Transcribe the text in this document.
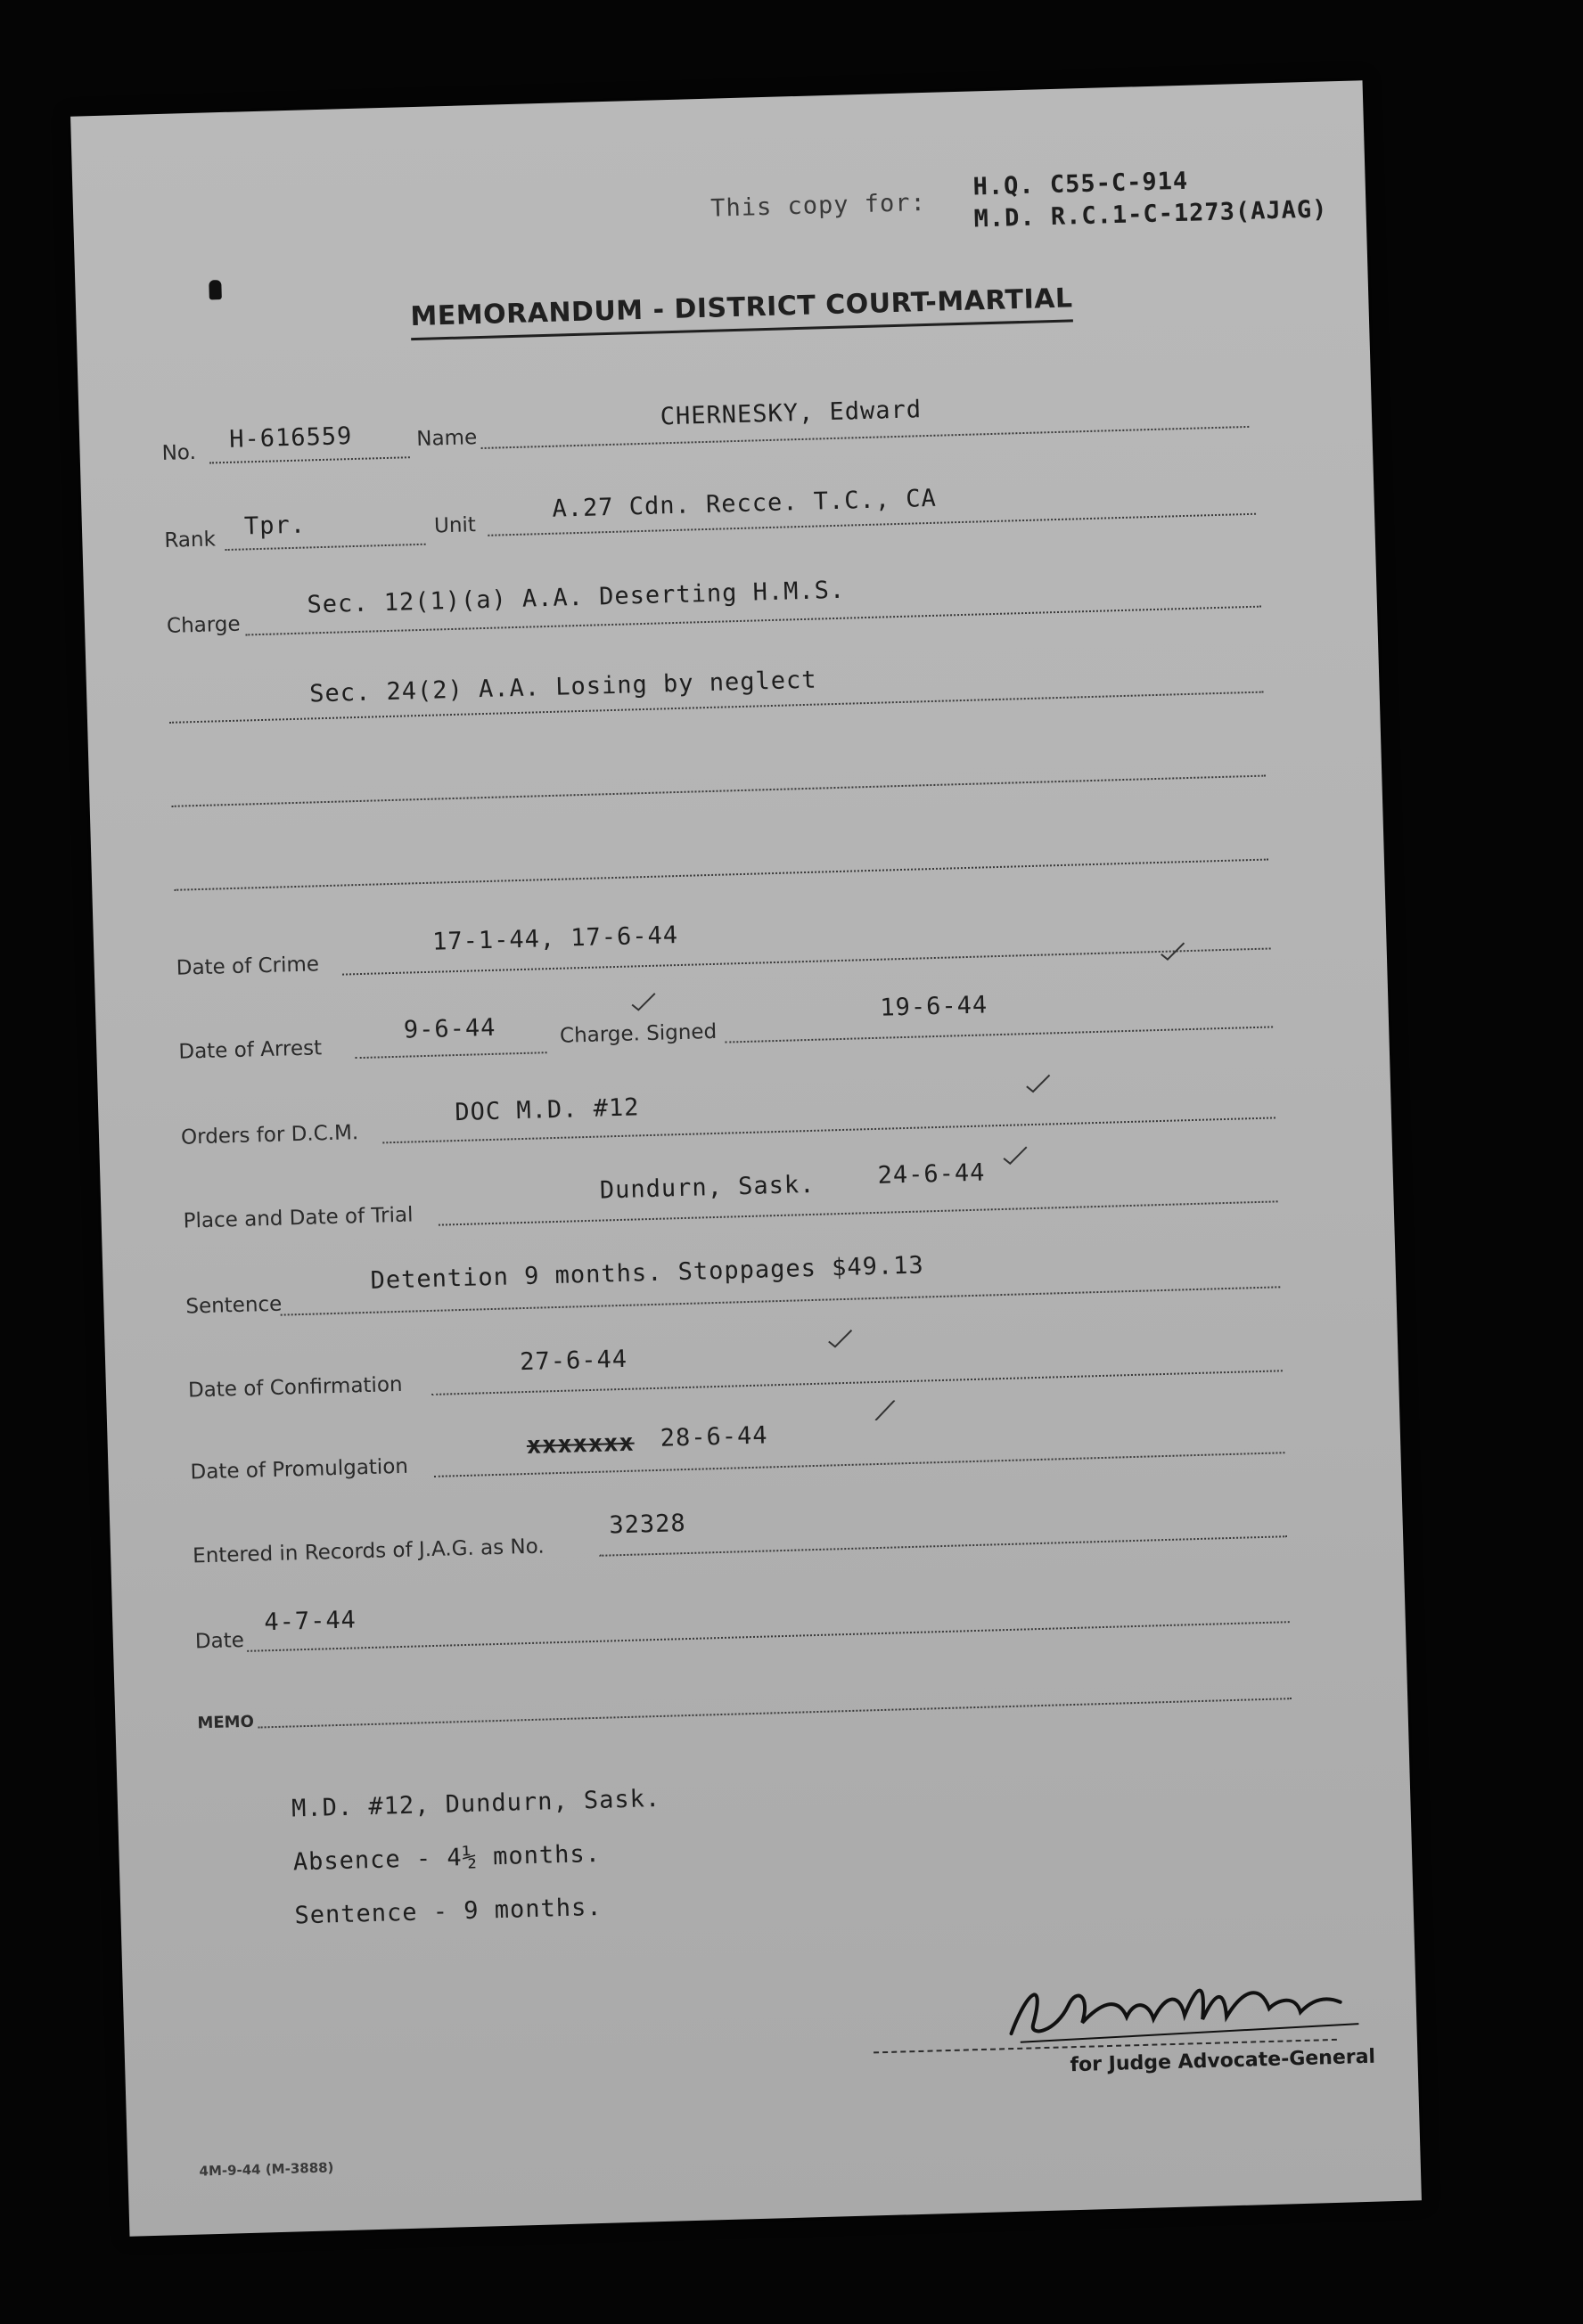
This copy for:
H.Q. C55-C-914
M.D. R.C.1-C-1273(AJAG)
MEMORANDUM - DISTRICT COURT-MARTIAL
No. H-616559	Name
CHERNESKY, Edward
Rank Tpr.	Unit
A.27 Cdn. Recce. T.C., CA
Charge
Sec. 12(1)(a) A.A. Deserting H.M.S.
Sec. 24(2) A.A. Losing by neglect
Date of Crime
17-1-44, 17-6-44
Date of Arrest
9-6-44	Charge. Signed
19-6-44
Orders for D.C.M.
DOC M.D. #12
Place and Date of Trial
Dundurn, Sask.	24-6-44
Sentence
Detention 9 months. Stoppages $49.13
Date of Confirmation
27-6-44
Date of Promulgation
xxxxxxx 28-6-44
Entered in Records of J.A.G. as No.
32328
Date
4-7-44
MEMO
M.D. #12, Dundurn, Sask.
Absence - 4½ months.
Sentence - 9 months.
for Judge Advocate-General
4M-9-44 (M-3888)
